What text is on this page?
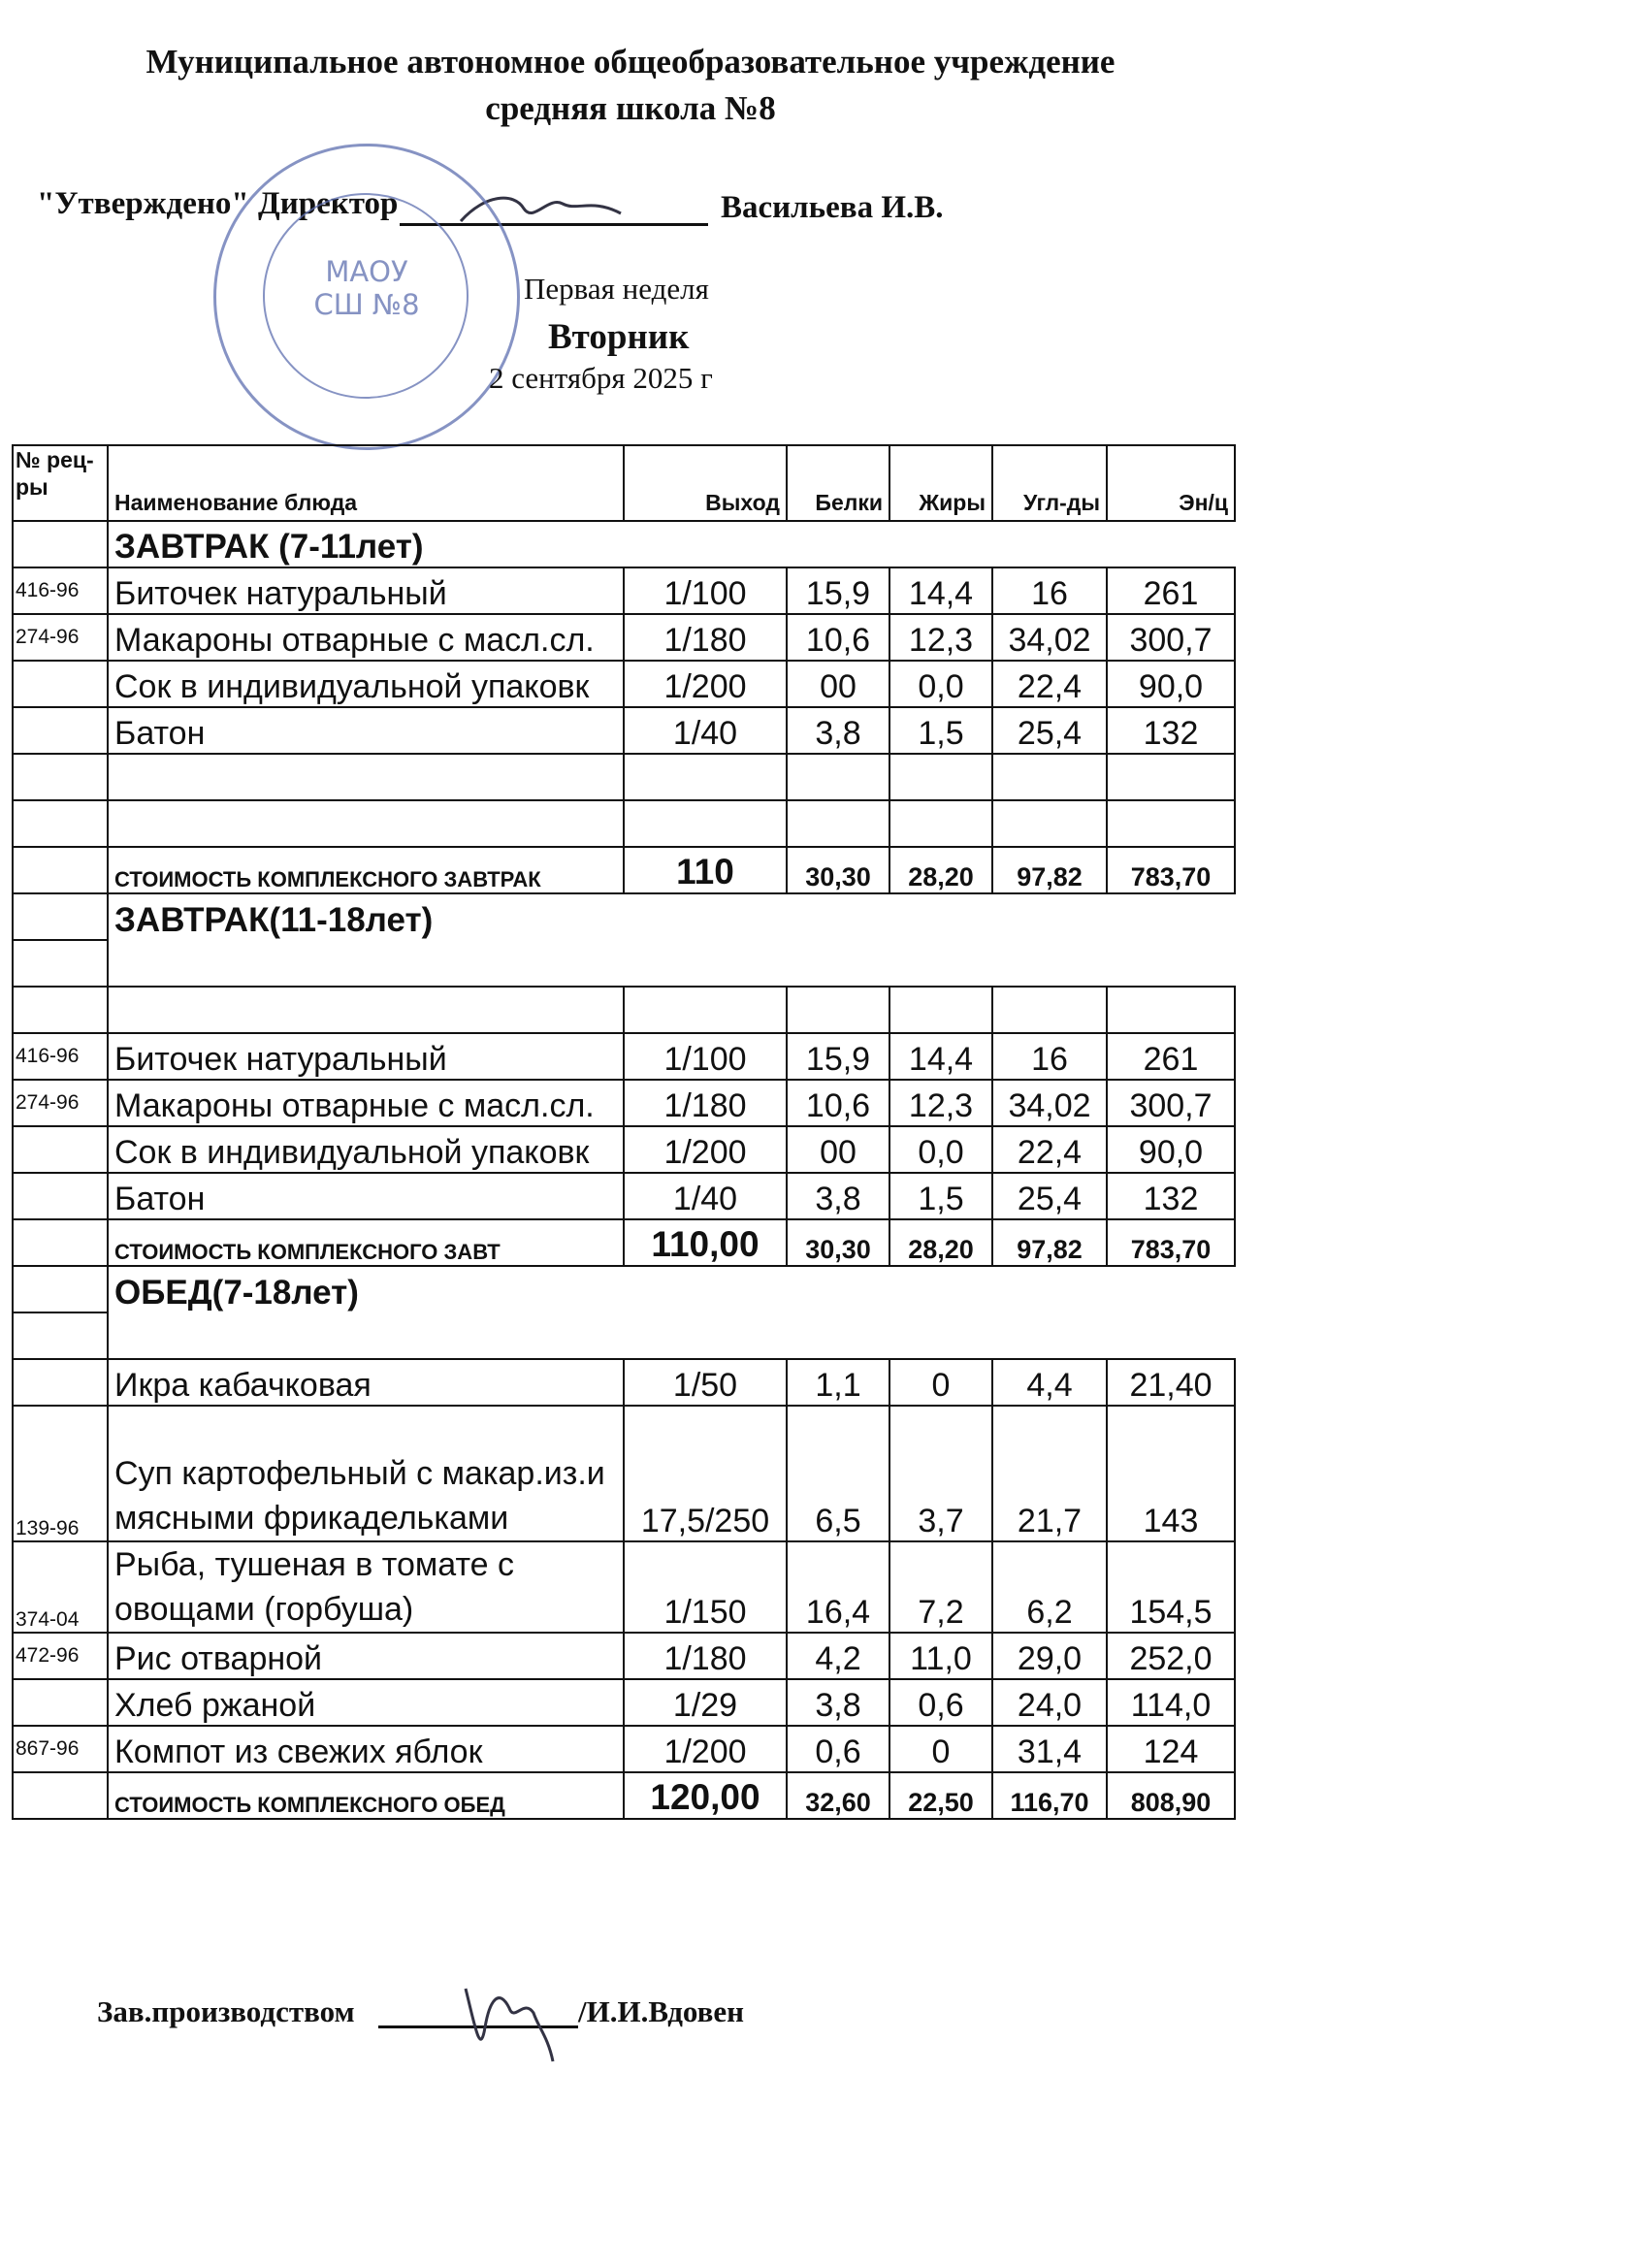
Муниципальное автономное общеобразовательное учреждение
средняя школа №8
"Утверждено" Директор	Васильева И.В.
МАОУ
СШ №8	Первая неделя
Вторник
2 сентября 2025 г
№ рец-ры	Наименование блюда	Выход	Белки	Жиры	Угл-ды	Эн/ц
	ЗАВТРАК (7-11лет)					
416-96	Биточек натуральный	1/100	15,9	14,4	16	261
274-96	Макароны отварные с масл.сл.	1/180	10,6	12,3	34,02	300,7
	Сок в индивидуальной упаковк	1/200	00	0,0	22,4	90,0
	Батон	1/40	3,8	1,5	25,4	132

	СТОИМОСТЬ КОМПЛЕКСНОГО ЗАВТРАК	110	30,30	28,20	97,82	783,70
	ЗАВТРАК(11-18лет)					

416-96	Биточек натуральный	1/100	15,9	14,4	16	261
274-96	Макароны отварные с масл.сл.	1/180	10,6	12,3	34,02	300,7
	Сок в индивидуальной упаковк	1/200	00	0,0	22,4	90,0
	Батон	1/40	3,8	1,5	25,4	132
	СТОИМОСТЬ КОМПЛЕКСНОГО ЗАВТ	110,00	30,30	28,20	97,82	783,70
	ОБЕД(7-18лет)					

	Икра кабачковая	1/50	1,1	0	4,4	21,40
139-96	Суп картофельный с макар.из.и мясными фрикадельками	17,5/250	6,5	3,7	21,7	143
374-04	Рыба, тушеная в томате с овощами (горбуша)	1/150	16,4	7,2	6,2	154,5
472-96	Рис отварной	1/180	4,2	11,0	29,0	252,0
	Хлеб ржаной	1/29	3,8	0,6	24,0	114,0
867-96	Компот из свежих яблок	1/200	0,6	0	31,4	124
	СТОИМОСТЬ КОМПЛЕКСНОГО ОБЕД	120,00	32,60	22,50	116,70	808,90
Зав.производством	/И.И.Вдовен
